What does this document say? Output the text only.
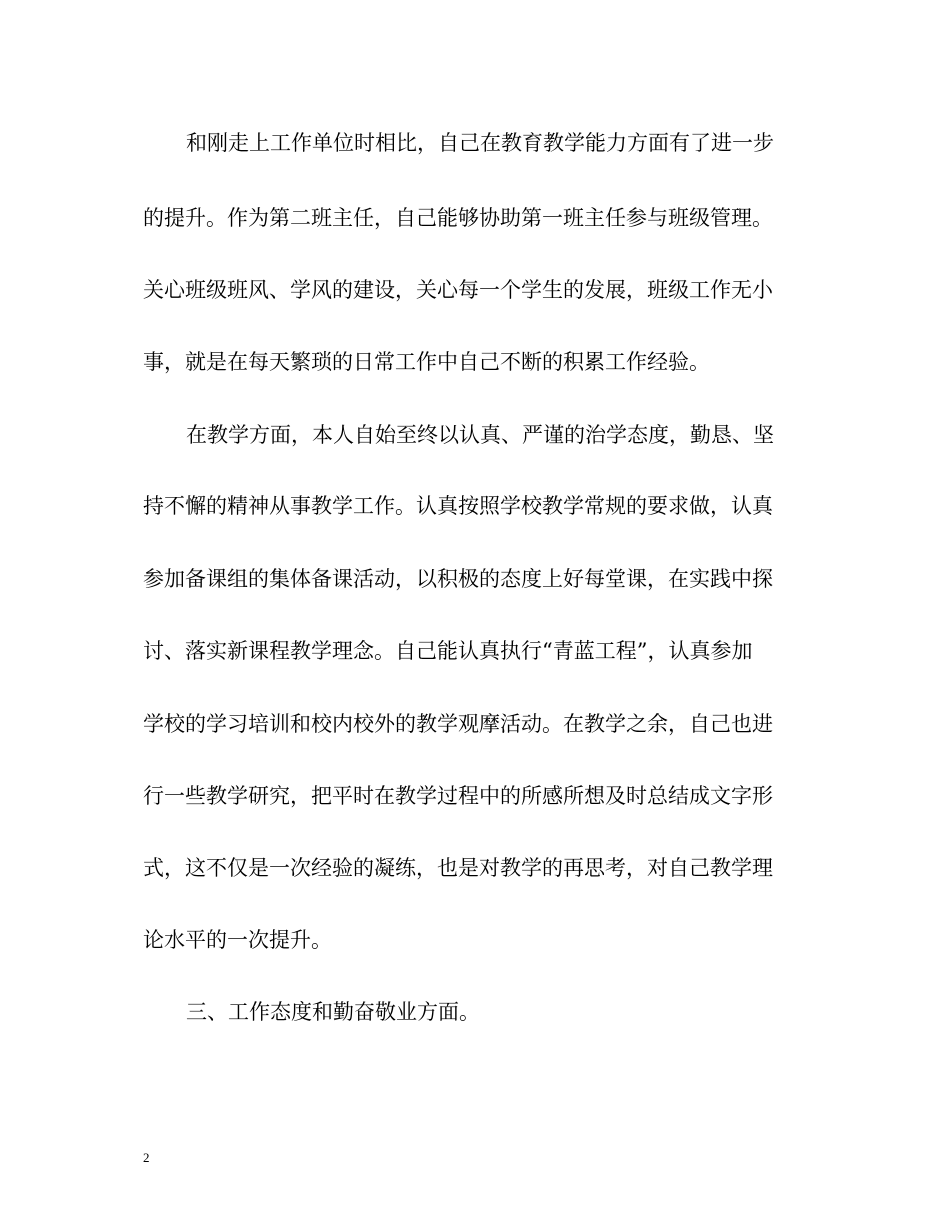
和刚走上工作单位时相比，自己在教育教学能力方面有了进一步
的提升。作为第二班主任，自己能够协助第一班主任参与班级管理。
关心班级班风、学风的建设，关心每一个学生的发展，班级工作无小
事，就是在每天繁琐的日常工作中自己不断的积累工作经验。
在教学方面，本人自始至终以认真、严谨的治学态度，勤恳、坚
持不懈的精神从事教学工作。认真按照学校教学常规的要求做，认真
参加备课组的集体备课活动，以积极的态度上好每堂课，在实践中探
讨、落实新课程教学理念。自己能认真执行“青蓝工程”，认真参加
学校的学习培训和校内校外的教学观摩活动。在教学之余，自己也进
行一些教学研究，把平时在教学过程中的所感所想及时总结成文字形
式，这不仅是一次经验的凝练，也是对教学的再思考，对自己教学理
论水平的一次提升。
三、工作态度和勤奋敬业方面。
2
